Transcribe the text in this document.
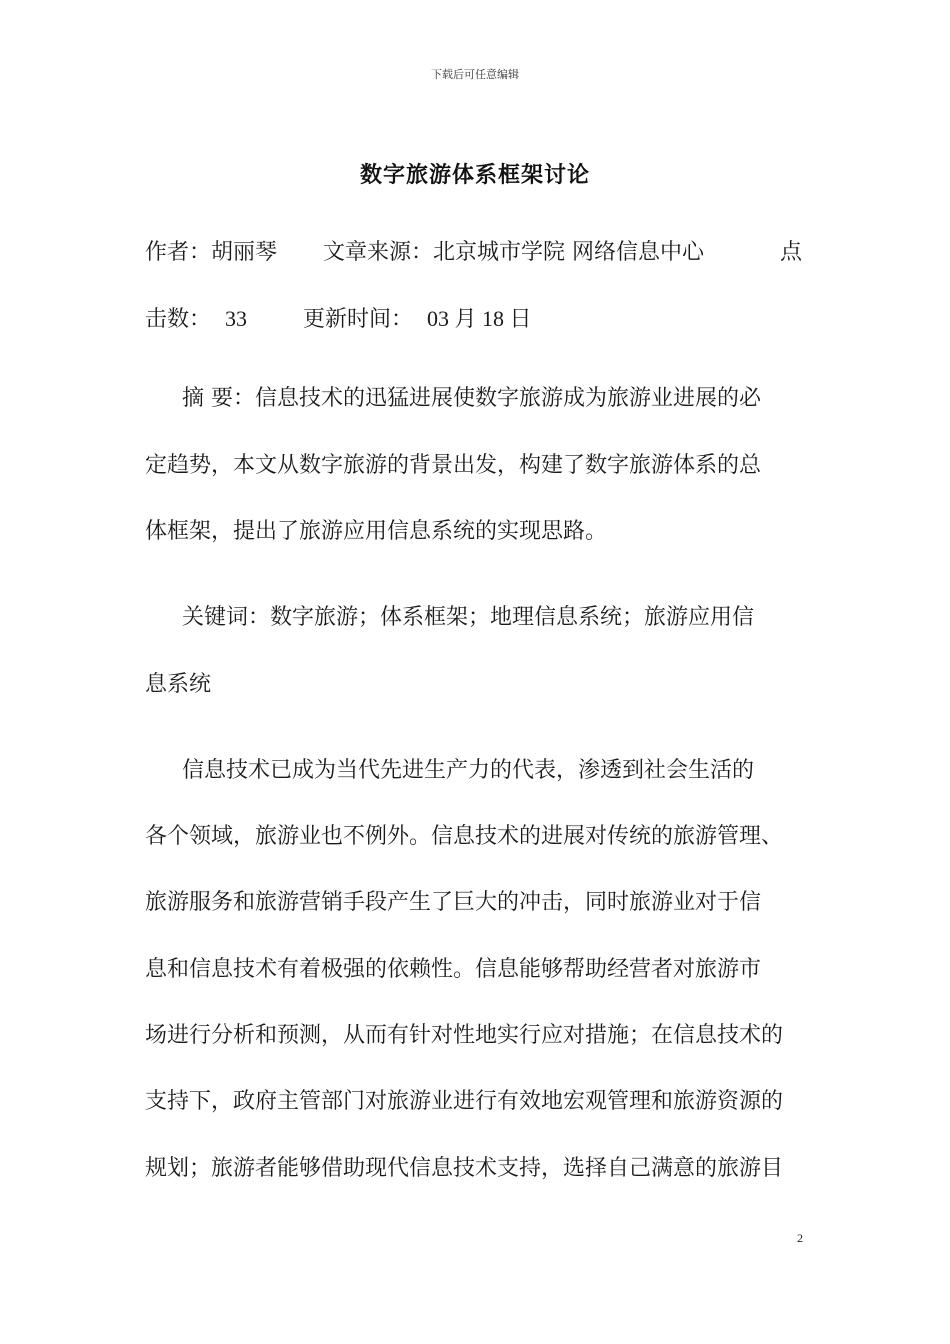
下载后可任意编辑
数字旅游体系框架讨论
作者：胡丽琴 文章来源：北京城市学院 网络信息中心	点
击数： 33	更新时间： 03 月 18 日
摘 要：信息技术的迅猛进展使数字旅游成为旅游业进展的必
定趋势，本文从数字旅游的背景出发，构建了数字旅游体系的总
体框架，提出了旅游应用信息系统的实现思路。
关键词：数字旅游；体系框架；地理信息系统；旅游应用信
息系统
信息技术已成为当代先进生产力的代表，渗透到社会生活的
各个领域，旅游业也不例外。信息技术的进展对传统的旅游管理、
旅游服务和旅游营销手段产生了巨大的冲击，同时旅游业对于信
息和信息技术有着极强的依赖性。信息能够帮助经营者对旅游市
场进行分析和预测，从而有针对性地实行应对措施；在信息技术的
支持下，政府主管部门对旅游业进行有效地宏观管理和旅游资源的
规划；旅游者能够借助现代信息技术支持，选择自己满意的旅游目
2
